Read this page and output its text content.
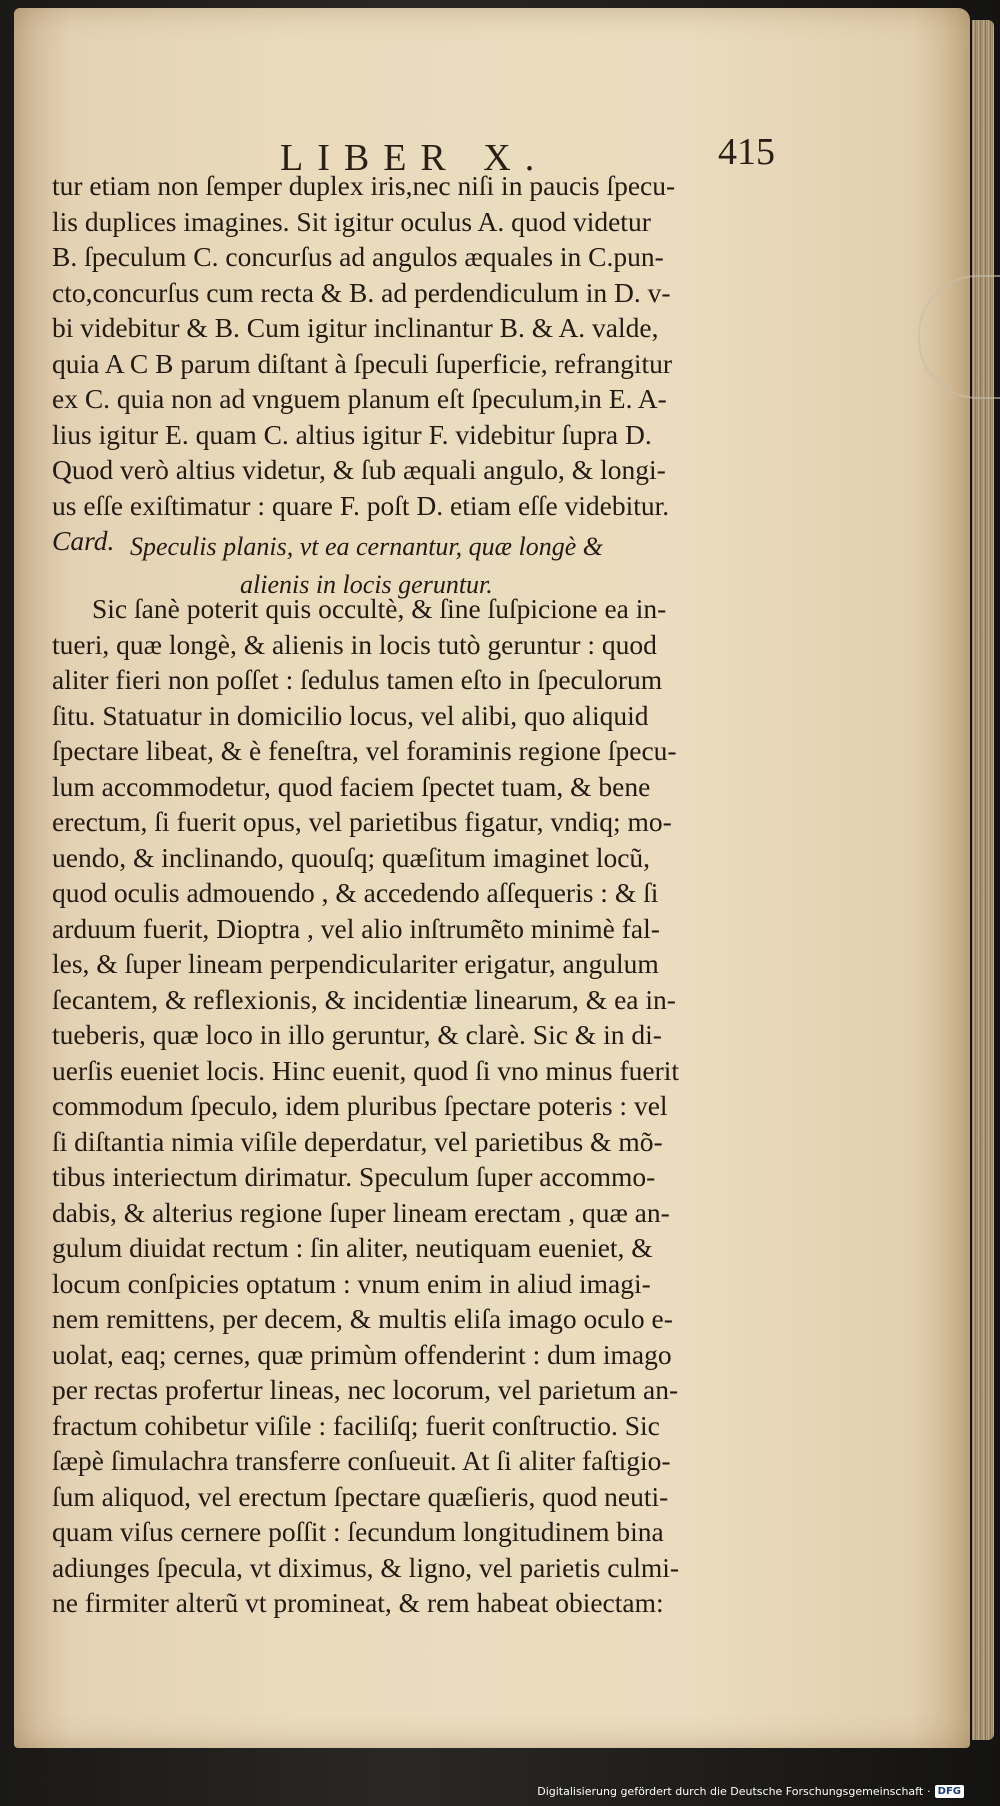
LIBER X.	415
tur etiam non ſemper duplex iris,nec niſi in paucis ſpecu-
lis duplices imagines. Sit igitur oculus A. quod videtur
B. ſpeculum C. concurſus ad angulos æquales in C.pun-
cto,concurſus cum recta & B. ad perdendiculum in D. v-
bi videbitur & B. Cum igitur inclinantur B. & A. valde,
quia A C B parum diſtant à ſpeculi ſuperficie, refrangitur
ex C. quia non ad vnguem planum eſt ſpeculum,in E. A-
lius igitur E. quam C. altius igitur F. videbitur ſupra D.
Quod verò altius videtur, & ſub æquali angulo, & longi-
us eſſe exiſtimatur : quare F. poſt D. etiam eſſe videbitur.
Card. Speculis planis, vt ea cernantur, quæ longè &
alienis in locis geruntur.
Sic ſanè poterit quis occultè, & ſine ſuſpicione ea in-
tueri, quæ longè, & alienis in locis tutò geruntur : quod
aliter fieri non poſſet : ſedulus tamen eſto in ſpeculorum
ſitu. Statuatur in domicilio locus, vel alibi, quo aliquid
ſpectare libeat, & è feneſtra, vel foraminis regione ſpecu-
lum accommodetur, quod faciem ſpectet tuam, & bene
erectum, ſi fuerit opus, vel parietibus figatur, vndiq; mo-
uendo, & inclinando, quouſq; quæſitum imaginet locũ,
quod oculis admouendo , & accedendo aſſequeris : & ſi
arduum fuerit, Dioptra , vel alio inſtrumẽto minimè fal-
les, & ſuper lineam perpendiculariter erigatur, angulum
ſecantem, & reflexionis, & incidentiæ linearum, & ea in-
tueberis, quæ loco in illo geruntur, & clarè. Sic & in di-
uerſis eueniet locis. Hinc euenit, quod ſi vno minus fuerit
commodum ſpeculo, idem pluribus ſpectare poteris : vel
ſi diſtantia nimia viſile deperdatur, vel parietibus & mõ-
tibus interiectum dirimatur. Speculum ſuper accommo-
dabis, & alterius regione ſuper lineam erectam , quæ an-
gulum diuidat rectum : ſin aliter, neutiquam eueniet, &
locum conſpicies optatum : vnum enim in aliud imagi-
nem remittens, per decem, & multis eliſa imago oculo e-
uolat, eaq; cernes, quæ primùm offenderint : dum imago
per rectas profertur lineas, nec locorum, vel parietum an-
fractum cohibetur viſile : faciliſq; fuerit conſtructio. Sic
ſæpè ſimulachra transferre conſueuit. At ſi aliter faſtigio-
ſum aliquod, vel erectum ſpectare quæſieris, quod neuti-
quam viſus cernere poſſit : ſecundum longitudinem bina
adiunges ſpecula, vt diximus, & ligno, vel parietis culmi-
ne firmiter alterũ vt promineat, & rem habeat obiectam:
Digitalisierung gefördert durch die Deutsche Forschungsgemeinschaft · DFG
